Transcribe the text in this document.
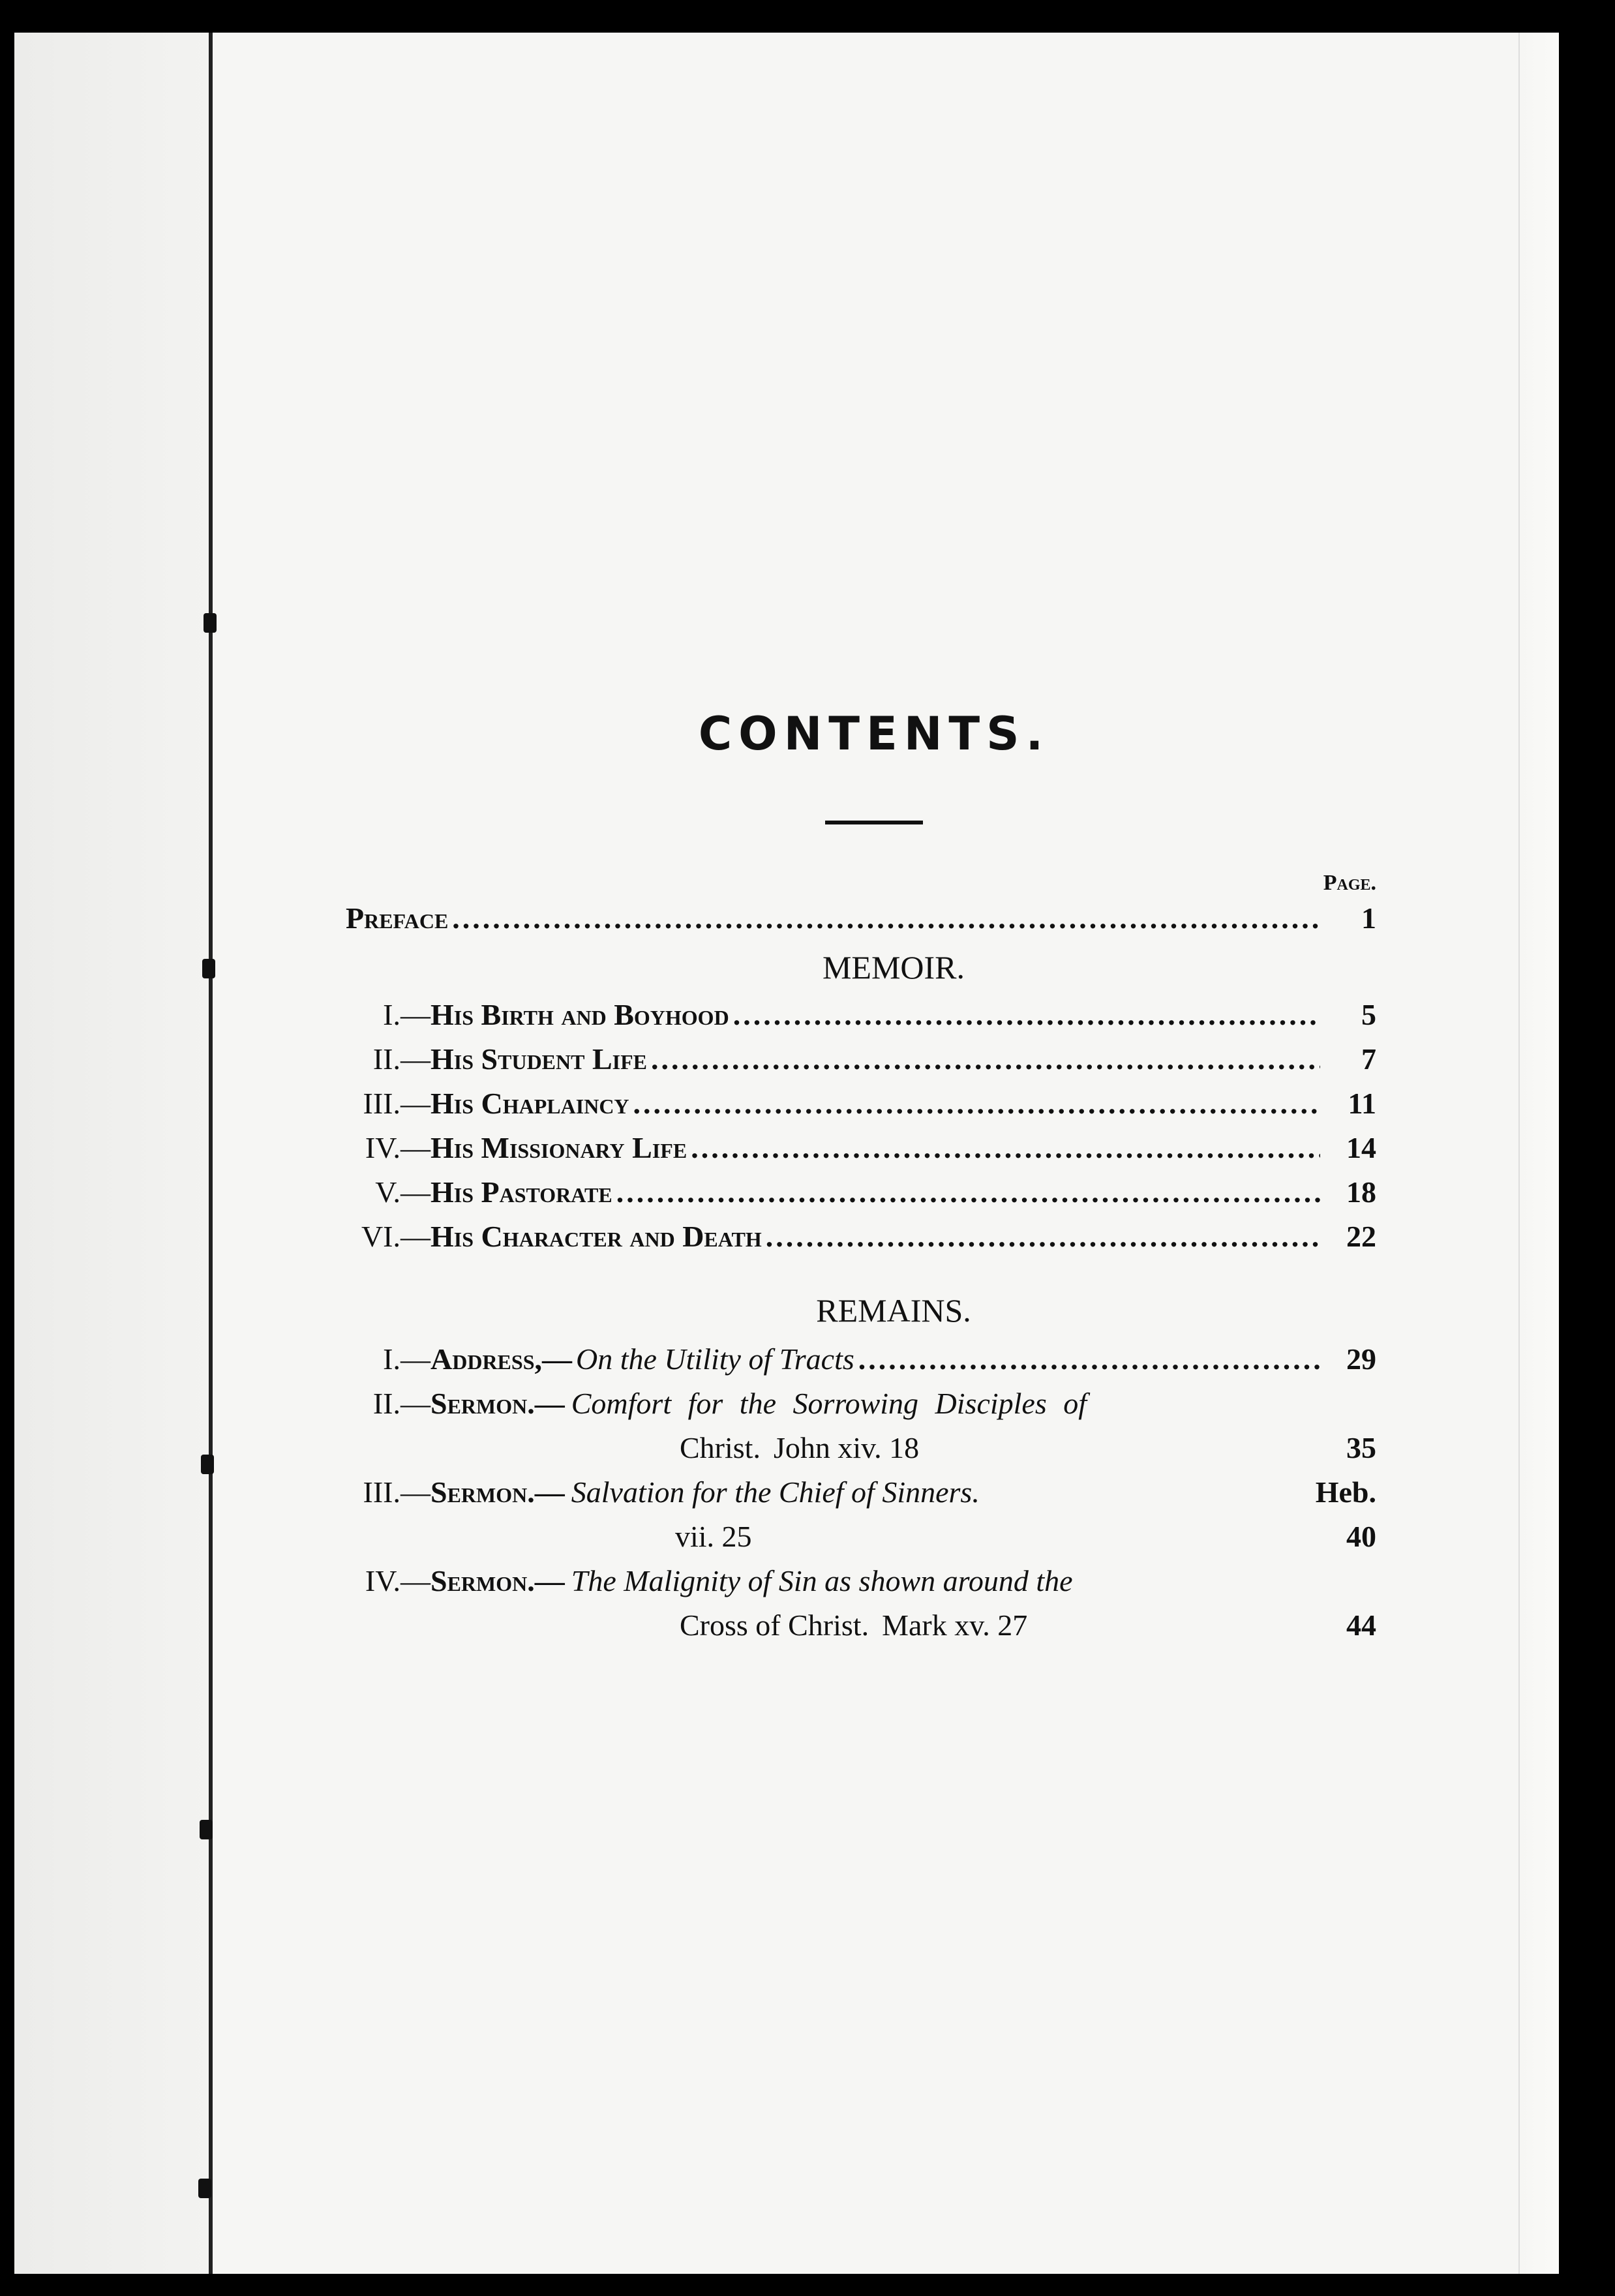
CONTENTS.
Page.
Preface .....	1
MEMOIR.
I.— His Birth and Boyhood .....	5
II.— His Student Life .....	7
III.— His Chaplaincy .....	11
IV.— His Missionary Life .....	14
V.— His Pastorate .....	18
VI.— His Character and Death .....	22
REMAINS.
I.— Address,— On the Utility of Tracts .....	29
II.— Sermon.— Comfort for the Sorrowing Disciples of
Christ. John xiv. 18	35
III.— Sermon.— Salvation for the Chief of Sinners.	Heb.
vii. 25	40
IV.— Sermon.— The Malignity of Sin as shown around the
Cross of Christ. Mark xv. 27	44
